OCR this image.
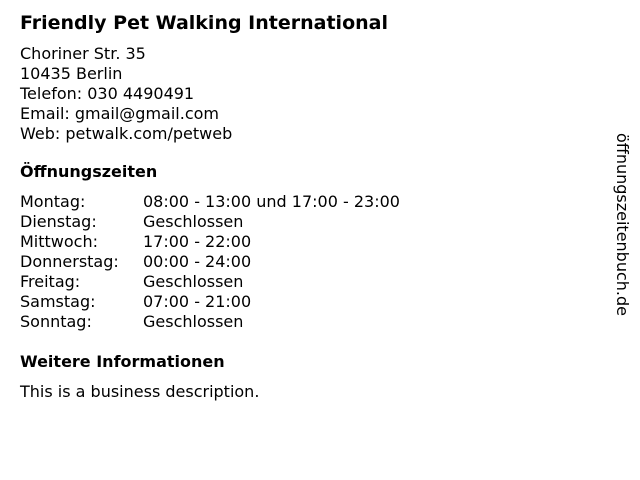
Friendly Pet Walking International
Choriner Str. 35
10435 Berlin
Telefon: 030 4490491
Email: gmail@gmail.com
Web: petwalk.com/petweb
Öffnungszeiten
Montag:	08:00 - 13:00 und 17:00 - 23:00
Dienstag:	Geschlossen
Mittwoch:	17:00 - 22:00
Donnerstag:	00:00 - 24:00
Freitag:	Geschlossen
Samstag:	07:00 - 21:00
Sonntag:	Geschlossen
Weitere Informationen

This is a business description.

öffnungszeitenbuch.de
